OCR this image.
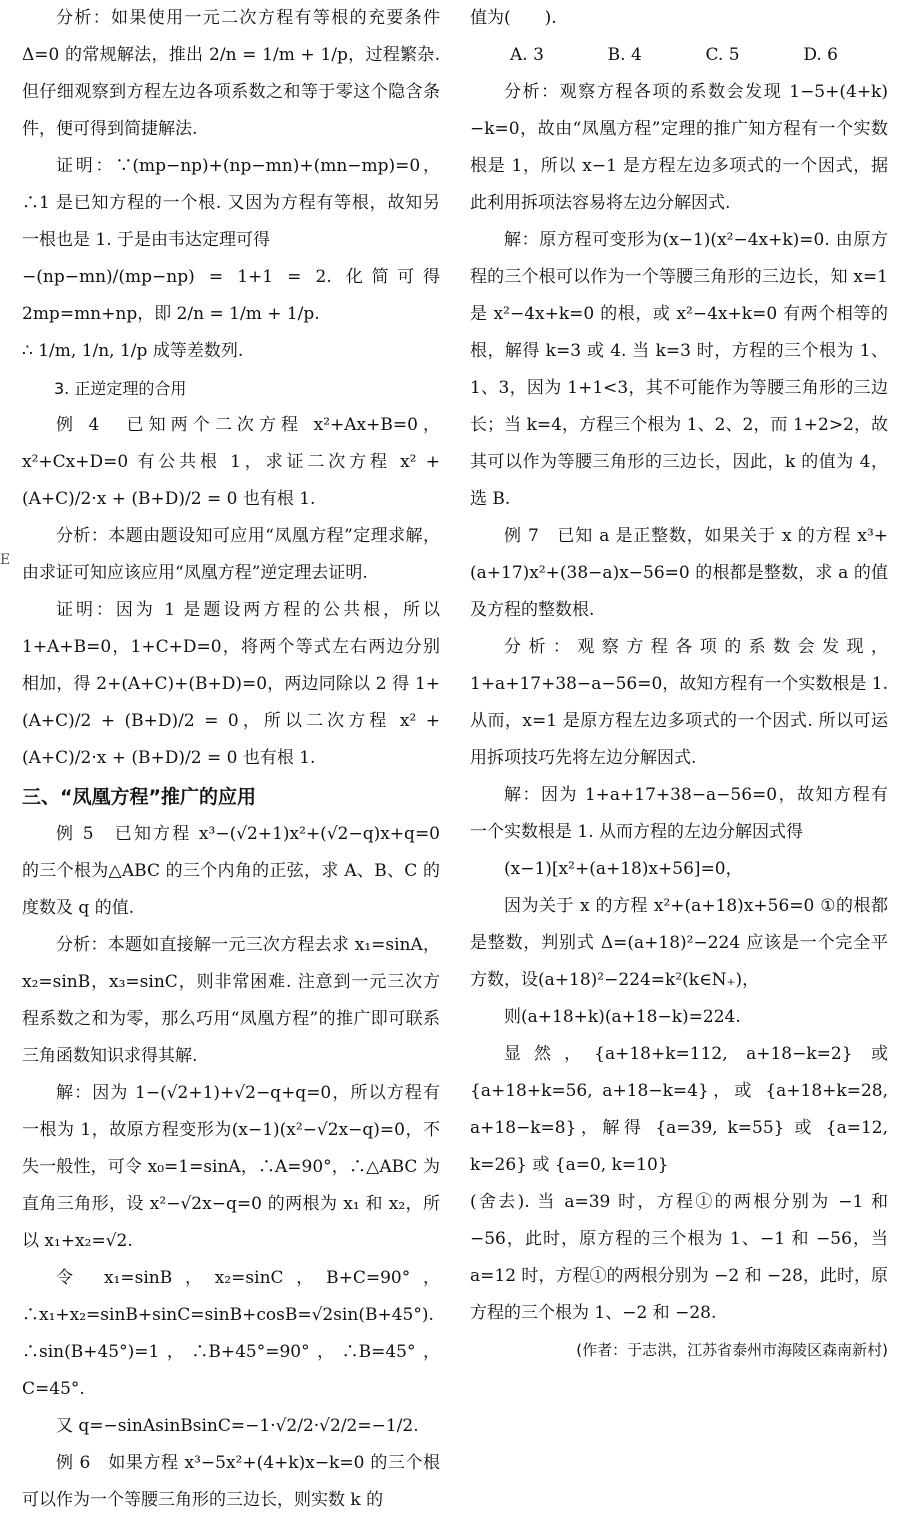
E

分析：如果使用一元二次方程有等根的充要条件 Δ=0 的常规解法，推出 2/n = 1/m + 1/p，过程繁杂. 但仔细观察到方程左边各项系数之和等于零这个隐含条件，便可得到简捷解法.

证明：∵(mp−np)+(np−mn)+(mn−mp)=0，∴1 是已知方程的一个根. 又因为方程有等根，故知另一根也是 1. 于是由韦达定理可得

−(np−mn)/(mp−np) = 1+1 = 2. 化简可得 2mp=mn+np，即 2/n = 1/m + 1/p.

∴ 1/m, 1/n, 1/p 成等差数列.

3. 正逆定理的合用

例 4　已知两个二次方程 x²+Ax+B=0，x²+Cx+D=0 有公共根 1，求证二次方程 x² + (A+C)/2·x + (B+D)/2 = 0 也有根 1.

分析：本题由题设知可应用“凤凰方程”定理求解，由求证可知应该应用“凤凰方程”逆定理去证明.

证明：因为 1 是题设两方程的公共根，所以 1+A+B=0，1+C+D=0，将两个等式左右两边分别相加，得 2+(A+C)+(B+D)=0，两边同除以 2 得 1+ (A+C)/2 + (B+D)/2 = 0，所以二次方程 x² + (A+C)/2·x + (B+D)/2 = 0 也有根 1.

三、“凤凰方程”推广的应用

例 5　已知方程 x³−(√2+1)x²+(√2−q)x+q=0 的三个根为△ABC 的三个内角的正弦，求 A、B、C 的度数及 q 的值.

分析：本题如直接解一元三次方程去求 x₁=sinA，x₂=sinB，x₃=sinC，则非常困难. 注意到一元三次方程系数之和为零，那么巧用“凤凰方程”的推广即可联系三角函数知识求得其解.

解：因为 1−(√2+1)+√2−q+q=0，所以方程有一根为 1，故原方程变形为(x−1)(x²−√2x−q)=0，不失一般性，可令 x₀=1=sinA，∴A=90°，∴△ABC 为直角三角形，设 x²−√2x−q=0 的两根为 x₁ 和 x₂，所以 x₁+x₂=√2.

令 x₁=sinB，x₂=sinC，B+C=90°，∴x₁+x₂=sinB+sinC=sinB+cosB=√2sin(B+45°). ∴sin(B+45°)=1，∴B+45°=90°，∴B=45°，C=45°.

又 q=−sinAsinBsinC=−1·√2/2·√2/2=−1/2.

例 6　如果方程 x³−5x²+(4+k)x−k=0 的三个根可以作为一个等腰三角形的三边长，则实数 k 的

值为(　　).

A. 3	B. 4	C. 5	D. 6

分析：观察方程各项的系数会发现 1−5+(4+k)−k=0，故由“凤凰方程”定理的推广知方程有一个实数根是 1，所以 x−1 是方程左边多项式的一个因式，据此利用拆项法容易将左边分解因式.

解：原方程可变形为(x−1)(x²−4x+k)=0. 由原方程的三个根可以作为一个等腰三角形的三边长，知 x=1 是 x²−4x+k=0 的根，或 x²−4x+k=0 有两个相等的根，解得 k=3 或 4. 当 k=3 时，方程的三个根为 1、1、3，因为 1+1<3，其不可能作为等腰三角形的三边长；当 k=4，方程三个根为 1、2、2，而 1+2>2，故其可以作为等腰三角形的三边长，因此，k 的值为 4，选 B.

例 7　已知 a 是正整数，如果关于 x 的方程 x³+(a+17)x²+(38−a)x−56=0 的根都是整数，求 a 的值及方程的整数根.

分析：观察方程各项的系数会发现，1+a+17+38−a−56=0，故知方程有一个实数根是 1. 从而，x=1 是原方程左边多项式的一个因式. 所以可运用拆项技巧先将左边分解因式.

解：因为 1+a+17+38−a−56=0，故知方程有一个实数根是 1. 从而方程的左边分解因式得

(x−1)[x²+(a+18)x+56]=0，

因为关于 x 的方程 x²+(a+18)x+56=0 ①的根都是整数，判别式 Δ=(a+18)²−224 应该是一个完全平方数，设(a+18)²−224=k²(k∈N₊)，

则(a+18+k)(a+18−k)=224.

显然，{a+18+k=112, a+18−k=2} 或 {a+18+k=56, a+18−k=4}，或 {a+18+k=28, a+18−k=8}，解得 {a=39, k=55} 或 {a=12, k=26} 或 {a=0, k=10}

(舍去). 当 a=39 时，方程①的两根分别为 −1 和 −56，此时，原方程的三个根为 1、−1 和 −56，当 a=12 时，方程①的两根分别为 −2 和 −28，此时，原方程的三个根为 1、−2 和 −28.

(作者：于志洪，江苏省泰州市海陵区森南新村)
